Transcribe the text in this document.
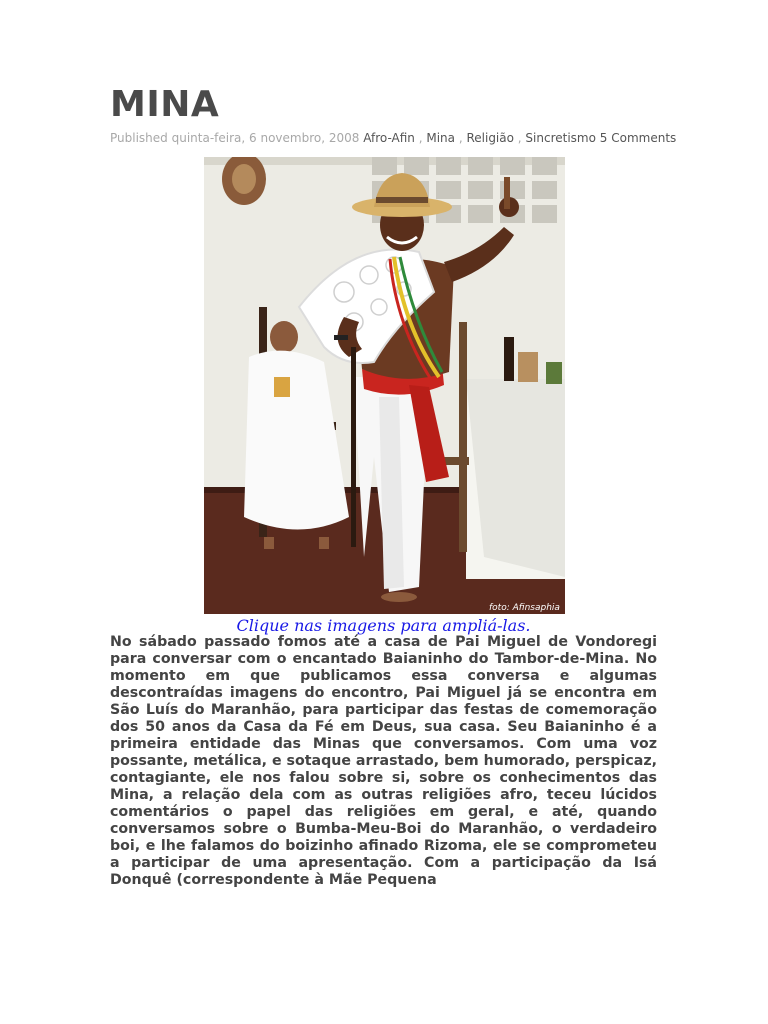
MINA
Published quinta-feira, 6 novembro, 2008 Afro-Afin , Mina , Religião , Sincretismo 5 Comments
foto: Afinsaphia
Clique nas imagens para ampliá-las.

No sábado passado fomos até a casa de Pai Miguel de Vondoregi para conversar com o encantado Baianinho do Tambor-de-Mina. No momento em que publicamos essa conversa e algumas descontraídas imagens do encontro, Pai Miguel já se encontra em São Luís do Maranhão, para participar das festas de comemoração dos 50 anos da Casa da Fé em Deus, sua casa. Seu Baianinho é a primeira entidade das Minas que conversamos. Com uma voz possante, metálica, e sotaque arrastado, bem humorado, perspicaz, contagiante, ele nos falou sobre si, sobre os conhecimentos das Mina, a relação dela com as outras religiões afro, teceu lúcidos comentários o papel das religiões em geral, e até, quando conversamos sobre o Bumba-Meu-Boi do Maranhão, o verdadeiro boi, e lhe falamos do boizinho afinado Rizoma, ele se comprometeu a participar de uma apresentação. Com a participação da Isá Donquê (correspondente à Mãe Pequena
